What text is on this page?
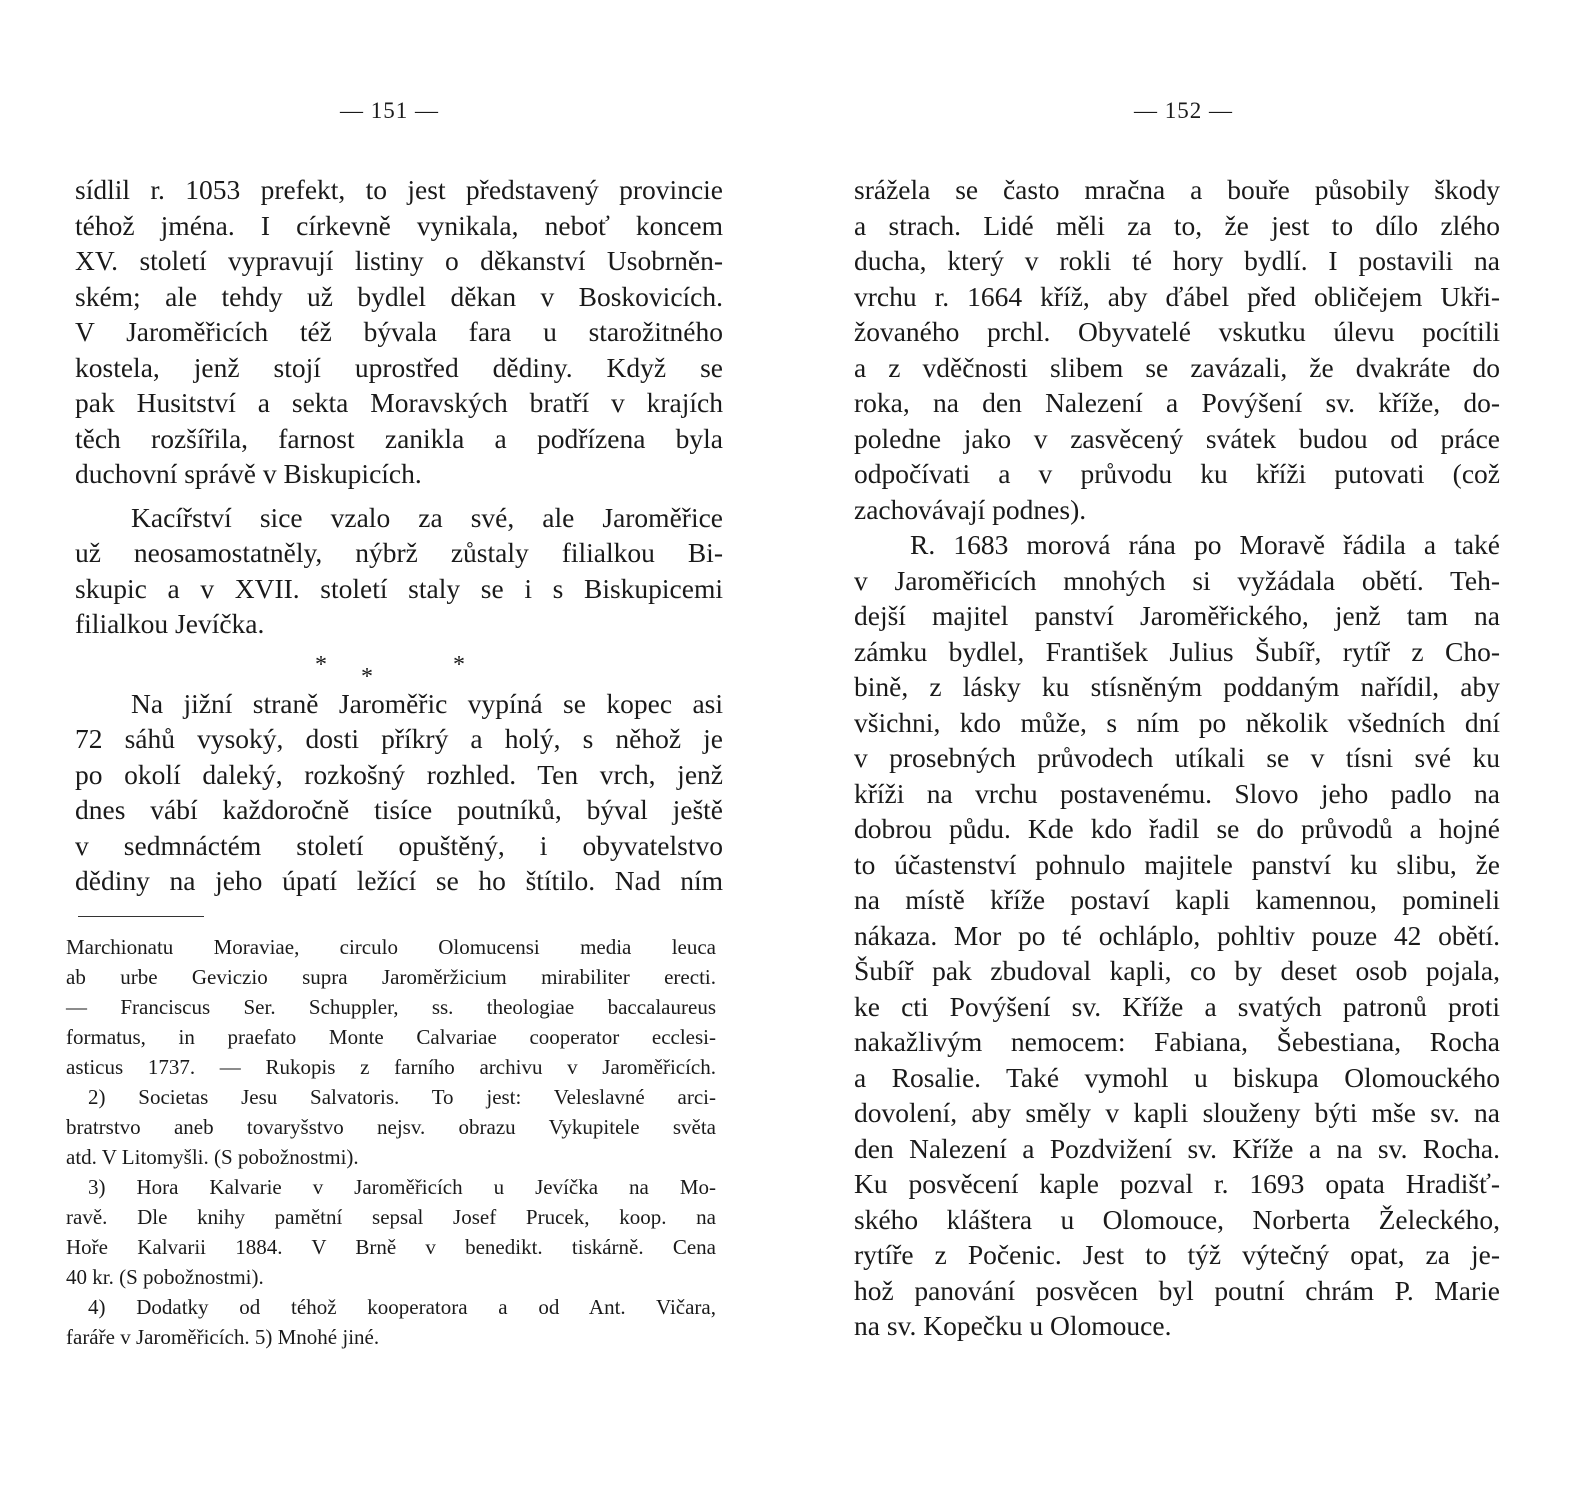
— 151 —
sídlil r. 1053 prefekt, to jest představený provincie
téhož jména. I církevně vynikala, neboť koncem
XV. století vypravují listiny o děkanství Usobrněn-
ském; ale tehdy už bydlel děkan v Boskovicích.
V Jaroměřicích též bývala fara u starožitného
kostela, jenž stojí uprostřed dědiny. Když se
pak Husitství a sekta Moravských bratří v krajích
těch rozšířila, farnost zanikla a podřízena byla
duchovní správě v Biskupicích.
Kacířství sice vzalo za své, ale Jaroměřice
už neosamostatněly, nýbrž zůstaly filialkou Bi-
skupic a v XVII. století staly se i s Biskupicemi
filialkou Jevíčka.
* *	*
Na jižní straně Jaroměřic vypíná se kopec asi
72 sáhů vysoký, dosti příkrý a holý, s něhož je
po okolí daleký, rozkošný rozhled. Ten vrch, jenž
dnes vábí každoročně tisíce poutníků, býval ještě
v sedmnáctém století opuštěný, i obyvatelstvo
dědiny na jeho úpatí ležící se ho štítilo. Nad ním
Marchionatu Moraviae, circulo Olomucensi media leuca
ab urbe Geviczio supra Jaroměržicium mirabiliter erecti.
— Franciscus Ser. Schuppler, ss. theologiae baccalaureus
formatus, in praefato Monte Calvariae cooperator ecclesi-
asticus 1737. — Rukopis z farního archivu v Jaroměřicích.
2) Societas Jesu Salvatoris. To jest: Veleslavné arci-
bratrstvo aneb tovaryšstvo nejsv. obrazu Vykupitele světa
atd. V Litomyšli. (S pobožnostmi).
3) Hora Kalvarie v Jaroměřicích u Jevíčka na Mo-
ravě. Dle knihy pamětní sepsal Josef Prucek, koop. na
Hoře Kalvarii 1884. V Brně v benedikt. tiskárně. Cena
40 kr. (S pobožnostmi).
4) Dodatky od téhož kooperatora a od Ant. Vičara,
faráře v Jaroměřicích. 5) Mnohé jiné.
— 152 —
srážela se často mračna a bouře působily škody
a strach. Lidé měli za to, že jest to dílo zlého
ducha, který v rokli té hory bydlí. I postavili na
vrchu r. 1664 kříž, aby ďábel před obličejem Ukři-
žovaného prchl. Obyvatelé vskutku úlevu pocítili
a z vděčnosti slibem se zavázali, že dvakráte do
roka, na den Nalezení a Povýšení sv. kříže, do-
poledne jako v zasvěcený svátek budou od práce
odpočívati a v průvodu ku kříži putovati (což
zachovávají podnes).
R. 1683 morová rána po Moravě řádila a také
v Jaroměřicích mnohých si vyžádala obětí. Teh-
dejší majitel panství Jaroměřického, jenž tam na
zámku bydlel, František Julius Šubíř, rytíř z Cho-
bině, z lásky ku stísněným poddaným nařídil, aby
všichni, kdo může, s ním po několik všedních dní
v prosebných průvodech utíkali se v tísni své ku
kříži na vrchu postavenému. Slovo jeho padlo na
dobrou půdu. Kde kdo řadil se do průvodů a hojné
to účastenství pohnulo majitele panství ku slibu, že
na místě kříže postaví kapli kamennou, pomineli
nákaza. Mor po té ochláplo, pohltiv pouze 42 obětí.
Šubíř pak zbudoval kapli, co by deset osob pojala,
ke cti Povýšení sv. Kříže a svatých patronů proti
nakažlivým nemocem: Fabiana, Šebestiana, Rocha
a Rosalie. Také vymohl u biskupa Olomouckého
dovolení, aby směly v kapli slouženy býti mše sv. na
den Nalezení a Pozdvižení sv. Kříže a na sv. Rocha.
Ku posvěcení kaple pozval r. 1693 opata Hradišť-
ského kláštera u Olomouce, Norberta Želeckého,
rytíře z Počenic. Jest to týž výtečný opat, za je-
hož panování posvěcen byl poutní chrám P. Marie
na sv. Kopečku u Olomouce.
